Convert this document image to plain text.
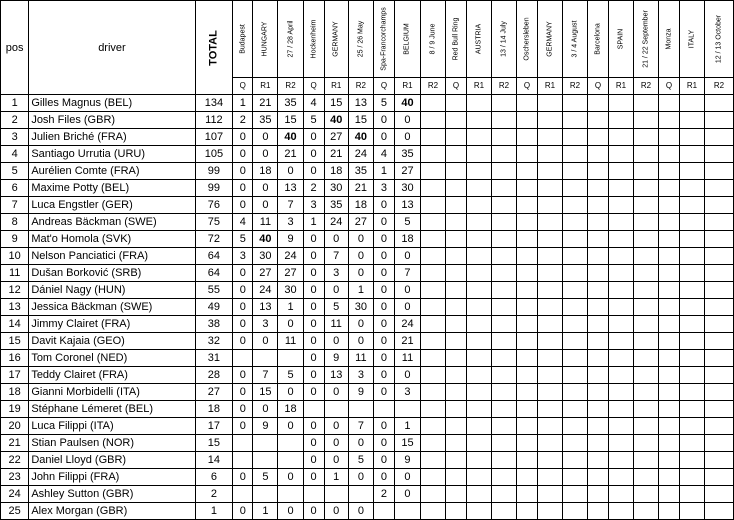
pos	driver	TOTAL	Budapest	HUNGARY	27 / 28 April	Hockenheim	GERMANY	25 / 26 May	Spa-Francorchamps	BELGIUM	8 / 9 June	Red Bull Ring	AUSTRIA	13 / 14 July	Oschersleben	GERMANY	3 / 4 August	Barcelona	SPAIN	21 / 22 September	Monza	ITALY	12 / 13 October

			Q	R1	R2	Q	R1	R2	Q	R1	R2	Q	R1	R2	Q	R1	R2	Q	R1	R2	Q	R1	R2
1	Gilles Magnus (BEL)	134	1	21	35	4	15	13	5	40													
2	Josh Files (GBR)	112	2	35	15	5	40	15	0	0													
3	Julien Briché (FRA)	107	0	0	40	0	27	40	0	0													
4	Santiago Urrutia (URU)	105	0	0	21	0	21	24	4	35													
5	Aurélien Comte (FRA)	99	0	18	0	0	18	35	1	27													
6	Maxime Potty (BEL)	99	0	0	13	2	30	21	3	30													
7	Luca Engstler (GER)	76	0	0	7	3	35	18	0	13													
8	Andreas Bäckman (SWE)	75	4	11	3	1	24	27	0	5													
9	Mat'o Homola (SVK)	72	5	40	9	0	0	0	0	18													
10	Nelson Panciatici (FRA)	64	3	30	24	0	7	0	0	0													
11	Dušan Borković (SRB)	64	0	27	27	0	3	0	0	7													
12	Dániel Nagy (HUN)	55	0	24	30	0	0	1	0	0													
13	Jessica Bäckman (SWE)	49	0	13	1	0	5	30	0	0													
14	Jimmy Clairet (FRA)	38	0	3	0	0	11	0	0	24													
15	Davit Kajaia (GEO)	32	0	0	11	0	0	0	0	21													
16	Tom Coronel (NED)	31				0	9	11	0	11													
17	Teddy Clairet (FRA)	28	0	7	5	0	13	3	0	0													
18	Gianni Morbidelli (ITA)	27	0	15	0	0	0	9	0	3													
19	Stéphane Lémeret (BEL)	18	0	0	18																		
20	Luca Filippi (ITA)	17	0	9	0	0	0	7	0	1													
21	Stian Paulsen (NOR)	15				0	0	0	0	15													
22	Daniel Lloyd (GBR)	14				0	0	5	0	9													
23	John Filippi (FRA)	6	0	5	0	0	1	0	0	0													
24	Ashley Sutton (GBR)	2							2	0													
25	Alex Morgan (GBR)	1	0	1	0	0	0	0															
